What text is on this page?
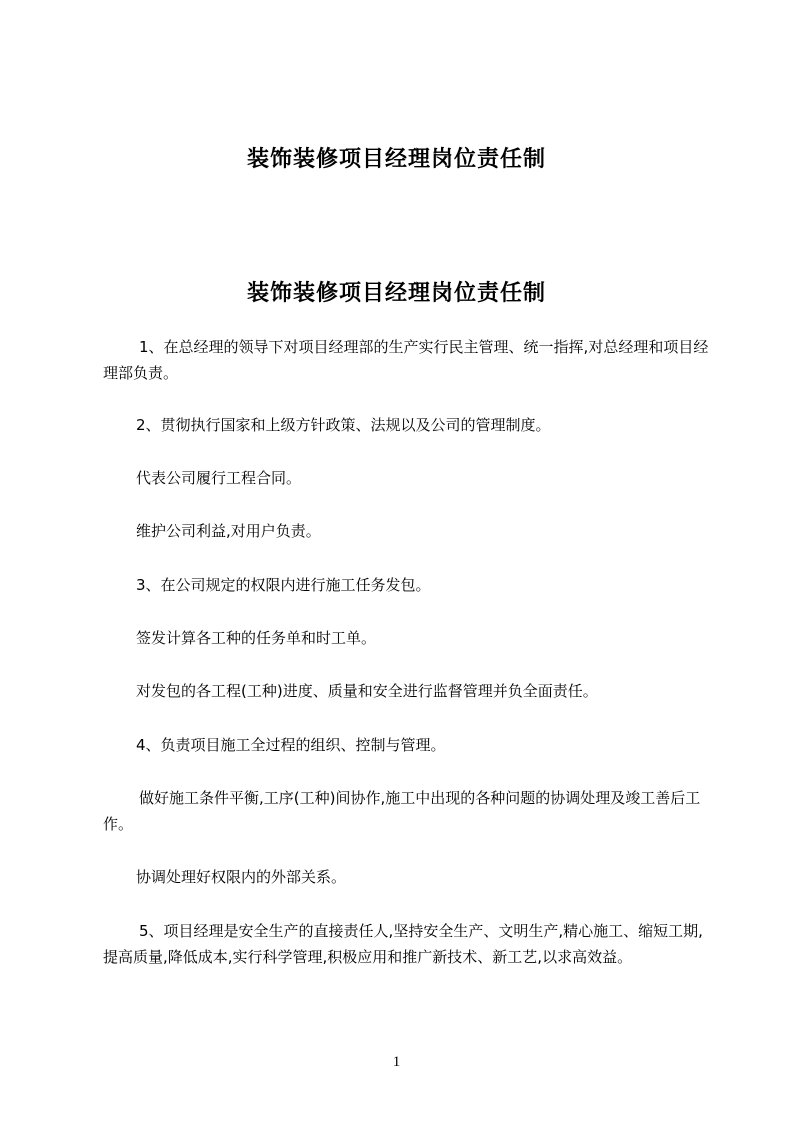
装饰装修项目经理岗位责任制
装饰装修项目经理岗位责任制

1、在总经理的领导下对项目经理部的生产实行民主管理、统一指挥,对总经理和项目经理部负责。

2、贯彻执行国家和上级方针政策、法规以及公司的管理制度。

代表公司履行工程合同。

维护公司利益,对用户负责。

3、在公司规定的权限内进行施工任务发包。

签发计算各工种的任务单和时工单。

对发包的各工程(工种)进度、质量和安全进行监督管理并负全面责任。

4、负责项目施工全过程的组织、控制与管理。

做好施工条件平衡,工序(工种)间协作,施工中出现的各种问题的协调处理及竣工善后工作。

协调处理好权限内的外部关系。

5、项目经理是安全生产的直接责任人,坚持安全生产、文明生产,精心施工、缩短工期,提高质量,降低成本,实行科学管理,积极应用和推广新技术、新工艺,以求高效益。

1
